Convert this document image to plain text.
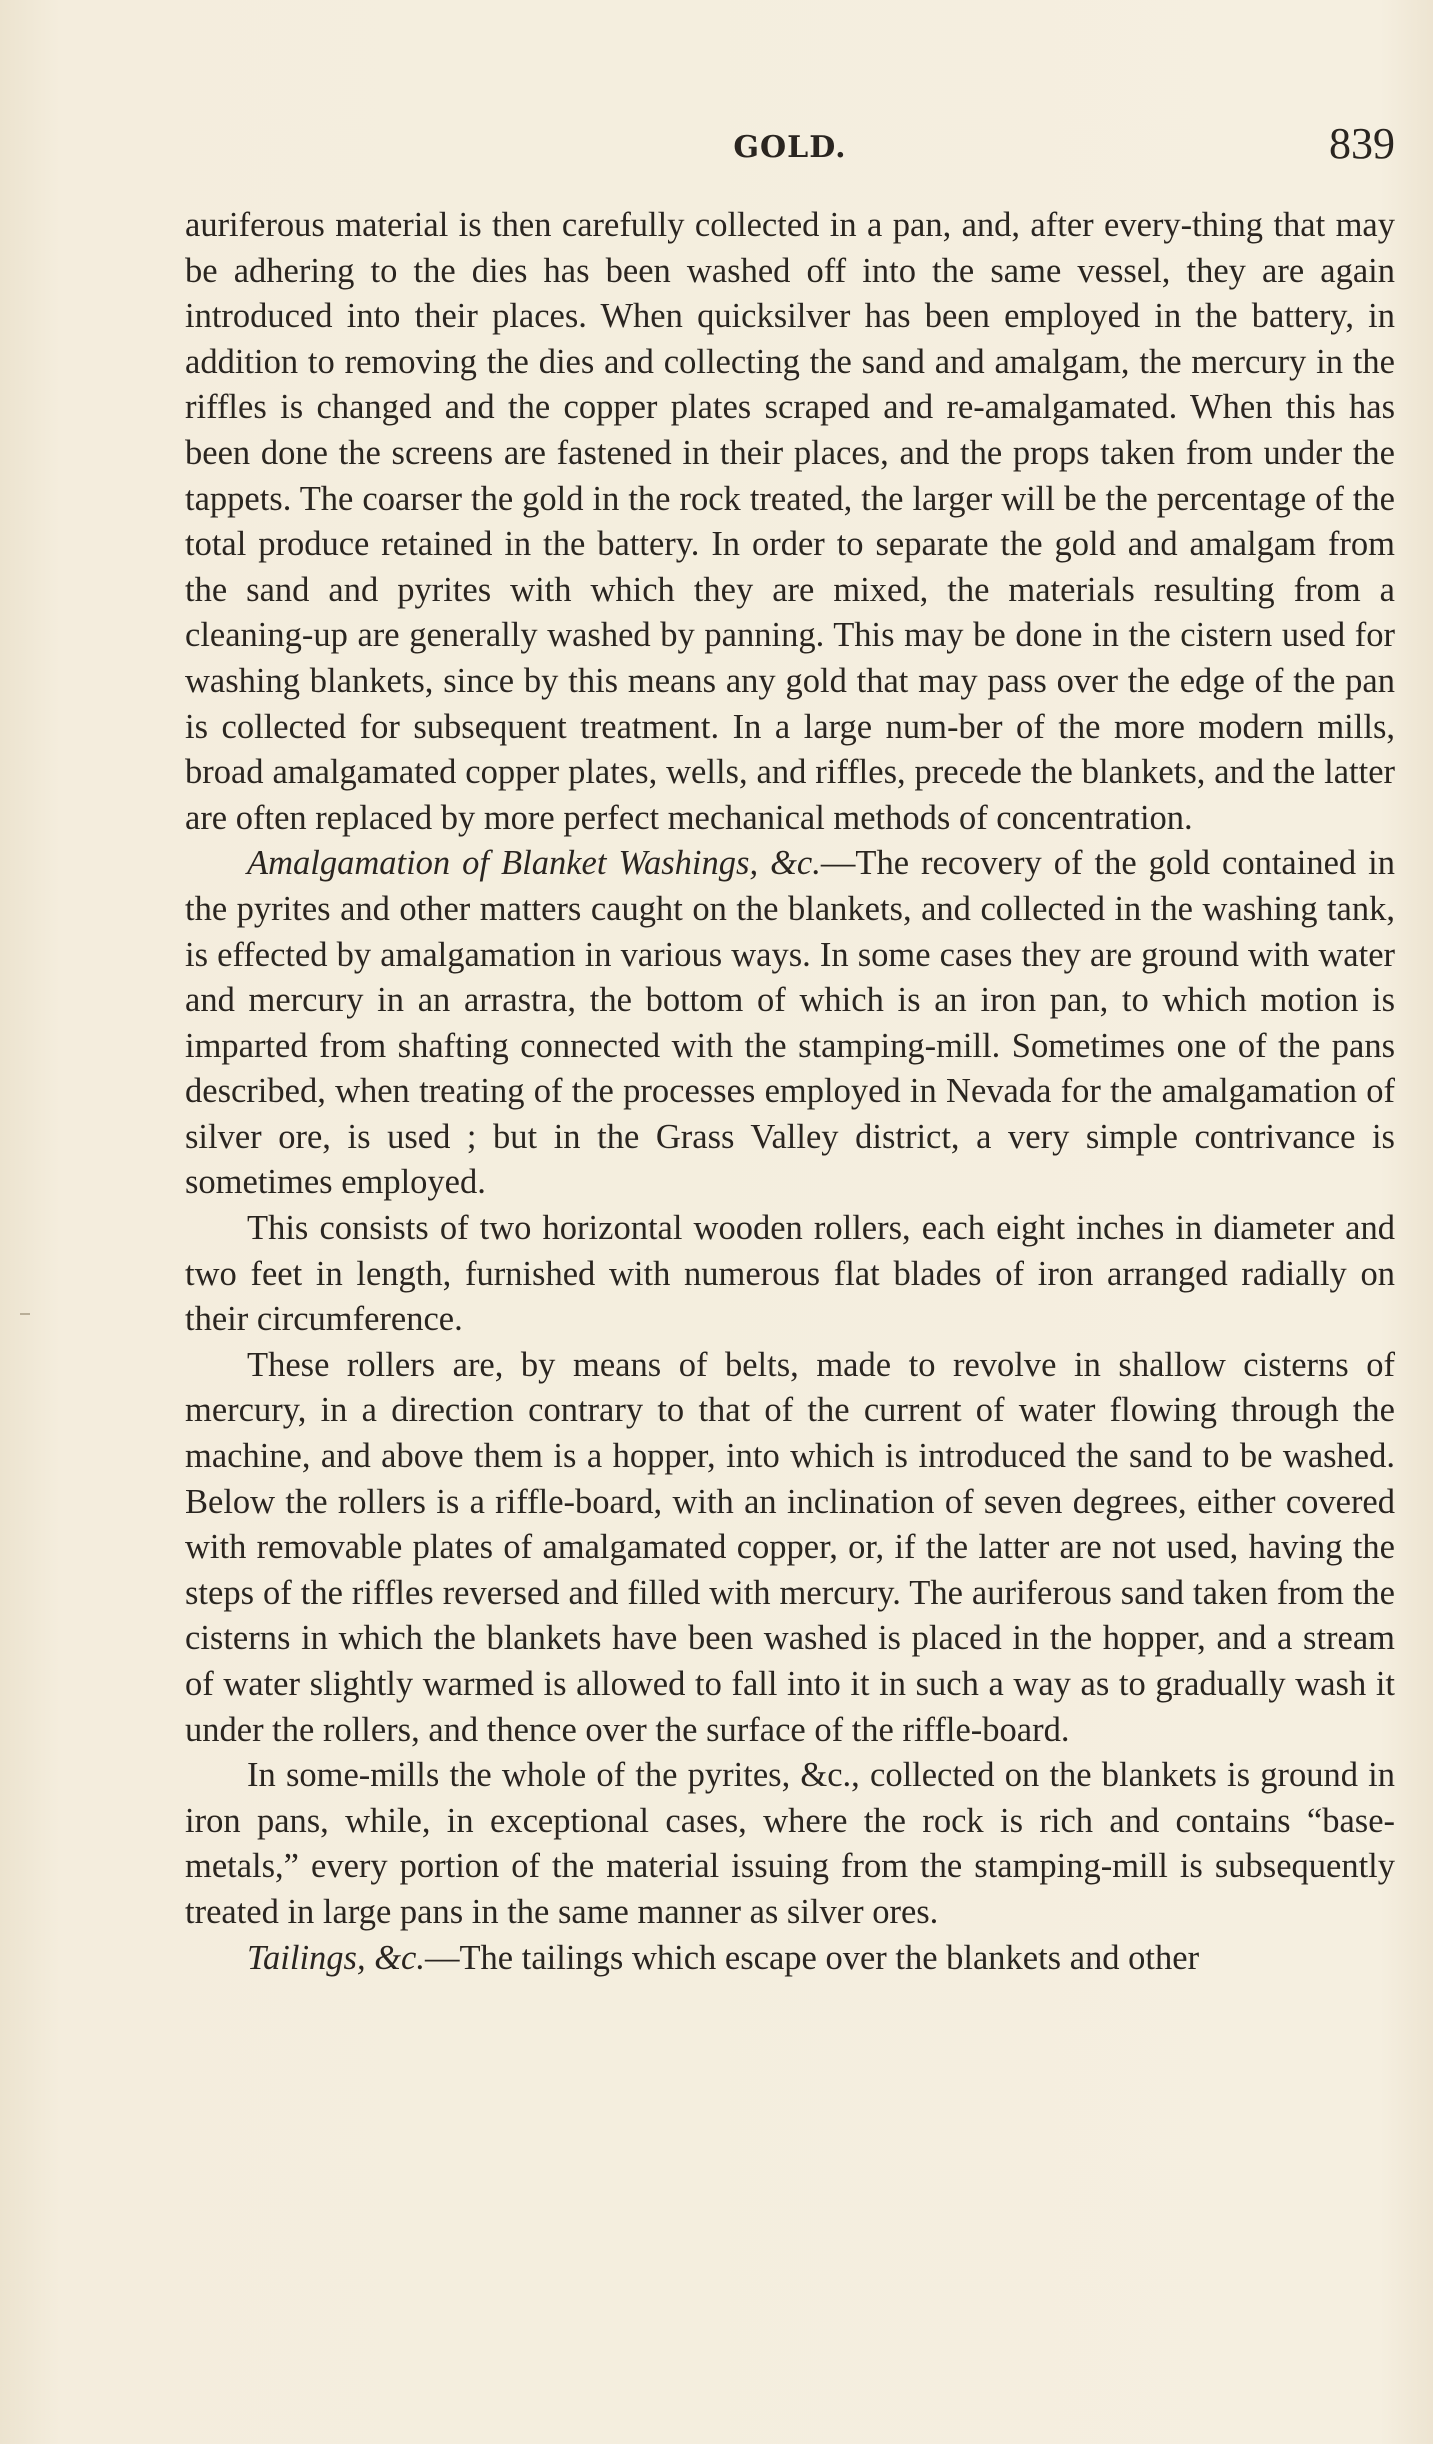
GOLD.	839

auriferous material is then carefully collected in a pan, and, after every-thing that may be adhering to the dies has been washed off into the same vessel, they are again introduced into their places. When quicksilver has been employed in the battery, in addition to removing the dies and collecting the sand and amalgam, the mercury in the riffles is changed and the copper plates scraped and re-amalgamated. When this has been done the screens are fastened in their places, and the props taken from under the tappets. The coarser the gold in the rock treated, the larger will be the percentage of the total produce retained in the battery. In order to separate the gold and amalgam from the sand and pyrites with which they are mixed, the materials resulting from a cleaning-up are generally washed by panning. This may be done in the cistern used for washing blankets, since by this means any gold that may pass over the edge of the pan is collected for subsequent treatment. In a large num-ber of the more modern mills, broad amalgamated copper plates, wells, and riffles, precede the blankets, and the latter are often replaced by more perfect mechanical methods of concentration.

Amalgamation of Blanket Washings, &c.—The recovery of the gold contained in the pyrites and other matters caught on the blankets, and collected in the washing tank, is effected by amalgamation in various ways. In some cases they are ground with water and mercury in an arrastra, the bottom of which is an iron pan, to which motion is imparted from shafting connected with the stamping-mill. Sometimes one of the pans described, when treating of the processes employed in Nevada for the amalgamation of silver ore, is used ; but in the Grass Valley district, a very simple contrivance is sometimes employed.

This consists of two horizontal wooden rollers, each eight inches in diameter and two feet in length, furnished with numerous flat blades of iron arranged radially on their circumference.

These rollers are, by means of belts, made to revolve in shallow cisterns of mercury, in a direction contrary to that of the current of water flowing through the machine, and above them is a hopper, into which is introduced the sand to be washed. Below the rollers is a riffle-board, with an inclination of seven degrees, either covered with removable plates of amalgamated copper, or, if the latter are not used, having the steps of the riffles reversed and filled with mercury. The auriferous sand taken from the cisterns in which the blankets have been washed is placed in the hopper, and a stream of water slightly warmed is allowed to fall into it in such a way as to gradually wash it under the rollers, and thence over the surface of the riffle-board.

In some-mills the whole of the pyrites, &c., collected on the blankets is ground in iron pans, while, in exceptional cases, where the rock is rich and contains “base-metals,” every portion of the material issuing from the stamping-mill is subsequently treated in large pans in the same manner as silver ores.

Tailings, &c.—The tailings which escape over the blankets and other
